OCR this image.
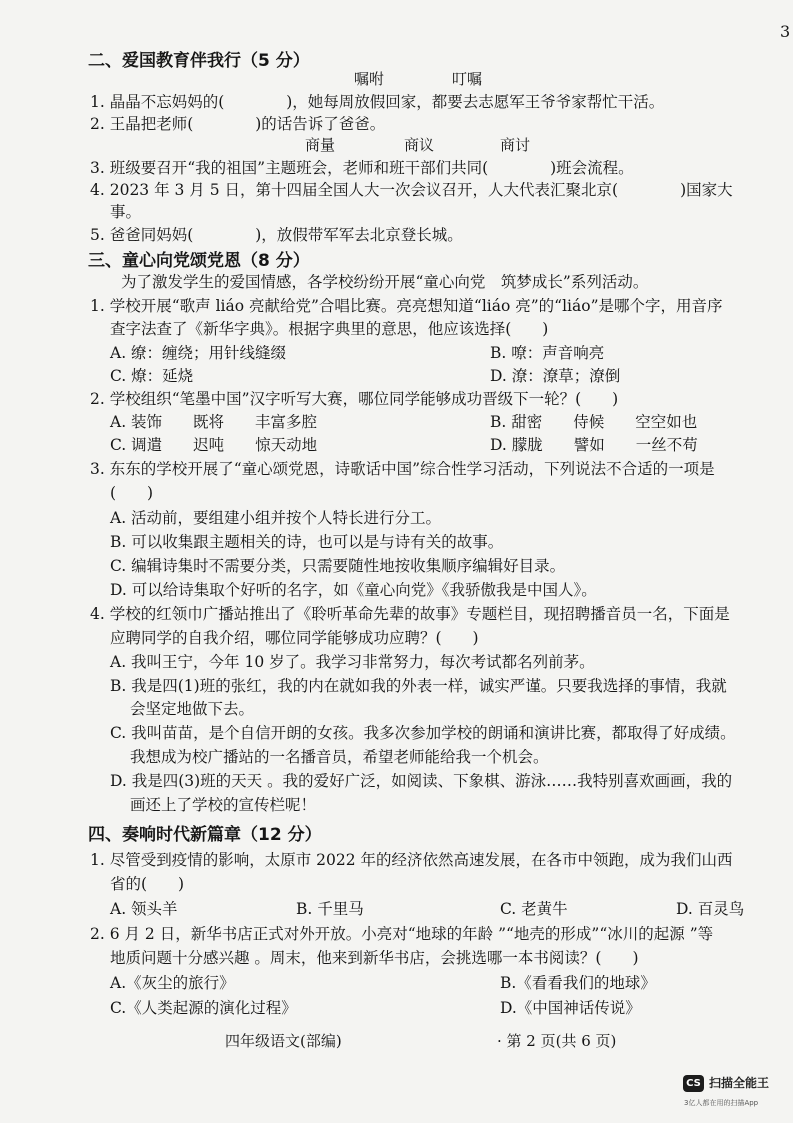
3
二、爱国教育伴我行（5 分）
嘱咐	叮嘱
1. 晶晶不忘妈妈的(　　　　)，她每周放假回家，都要去志愿军王爷爷家帮忙干活。
2. 王晶把老师(　　　　)的话告诉了爸爸。
商量	商议	商讨
3. 班级要召开“我的祖国”主题班会，老师和班干部们共同(　　　　)班会流程。
4. 2023 年 3 月 5 日，第十四届全国人大一次会议召开，人大代表汇聚北京(　　　　)国家大
事。
5. 爸爸同妈妈(　　　　)，放假带军军去北京登长城。
三、童心向党颂党恩（8 分）
为了激发学生的爱国情感，各学校纷纷开展“童心向党　筑梦成长”系列活动。
1. 学校开展“歌声 liáo 亮献给党”合唱比赛。亮亮想知道“liáo 亮”的“liáo”是哪个字，用音序
查字法查了《新华字典》。根据字典里的意思，他应该选择(　　)
A. 缭：缠绕；用针线缝缀	B. 嘹：声音响亮
C. 燎：延烧	D. 潦：潦草；潦倒
2. 学校组织“笔墨中国”汉字听写大赛，哪位同学能够成功晋级下一轮？(　　)
A. 装饰　　既将　　丰富多腔	B. 甜密　　侍候　　空空如也
C. 调遣　　迟吨　　惊天动地	D. 朦胧　　譬如　　一丝不苟
3. 东东的学校开展了“童心颂党恩，诗歌话中国”综合性学习活动，下列说法不合适的一项是
(　　)
A. 活动前，要组建小组并按个人特长进行分工。
B. 可以收集跟主题相关的诗，也可以是与诗有关的故事。
C. 编辑诗集时不需要分类，只需要随性地按收集顺序编辑好目录。
D. 可以给诗集取个好听的名字，如《童心向党》《我骄傲我是中国人》。
4. 学校的红领巾广播站推出了《聆听革命先辈的故事》专题栏目，现招聘播音员一名，下面是
应聘同学的自我介绍，哪位同学能够成功应聘？(　　)
A. 我叫王宁，今年 10 岁了。我学习非常努力，每次考试都名列前茅。
B. 我是四(1)班的张红，我的内在就如我的外表一样，诚实严谨。只要我选择的事情，我就
会坚定地做下去。
C. 我叫苗苗，是个自信开朗的女孩。我多次参加学校的朗诵和演讲比赛，都取得了好成绩。
我想成为校广播站的一名播音员，希望老师能给我一个机会。
D. 我是四(3)班的天天 。我的爱好广泛，如阅读、下象棋、游泳……我特别喜欢画画，我的
画还上了学校的宣传栏呢！
四、奏响时代新篇章（12 分）
1. 尽管受到疫情的影响，太原市 2022 年的经济依然高速发展，在各市中领跑，成为我们山西
省的(　　)
A. 领头羊	B. 千里马	C. 老黄牛	D. 百灵鸟
2. 6 月 2 日，新华书店正式对外开放。小亮对“地球的年龄 ”“地壳的形成”“冰川的起源 ”等
地质问题十分感兴趣 。周末，他来到新华书店，会挑选哪一本书阅读？(　　)
A.《灰尘的旅行》	B.《看看我们的地球》
C.《人类起源的演化过程》	D.《中国神话传说》
四年级语文(部编)	· 第 2 页(共 6 页)
CS 扫描全能王
3亿人都在用的扫描App
